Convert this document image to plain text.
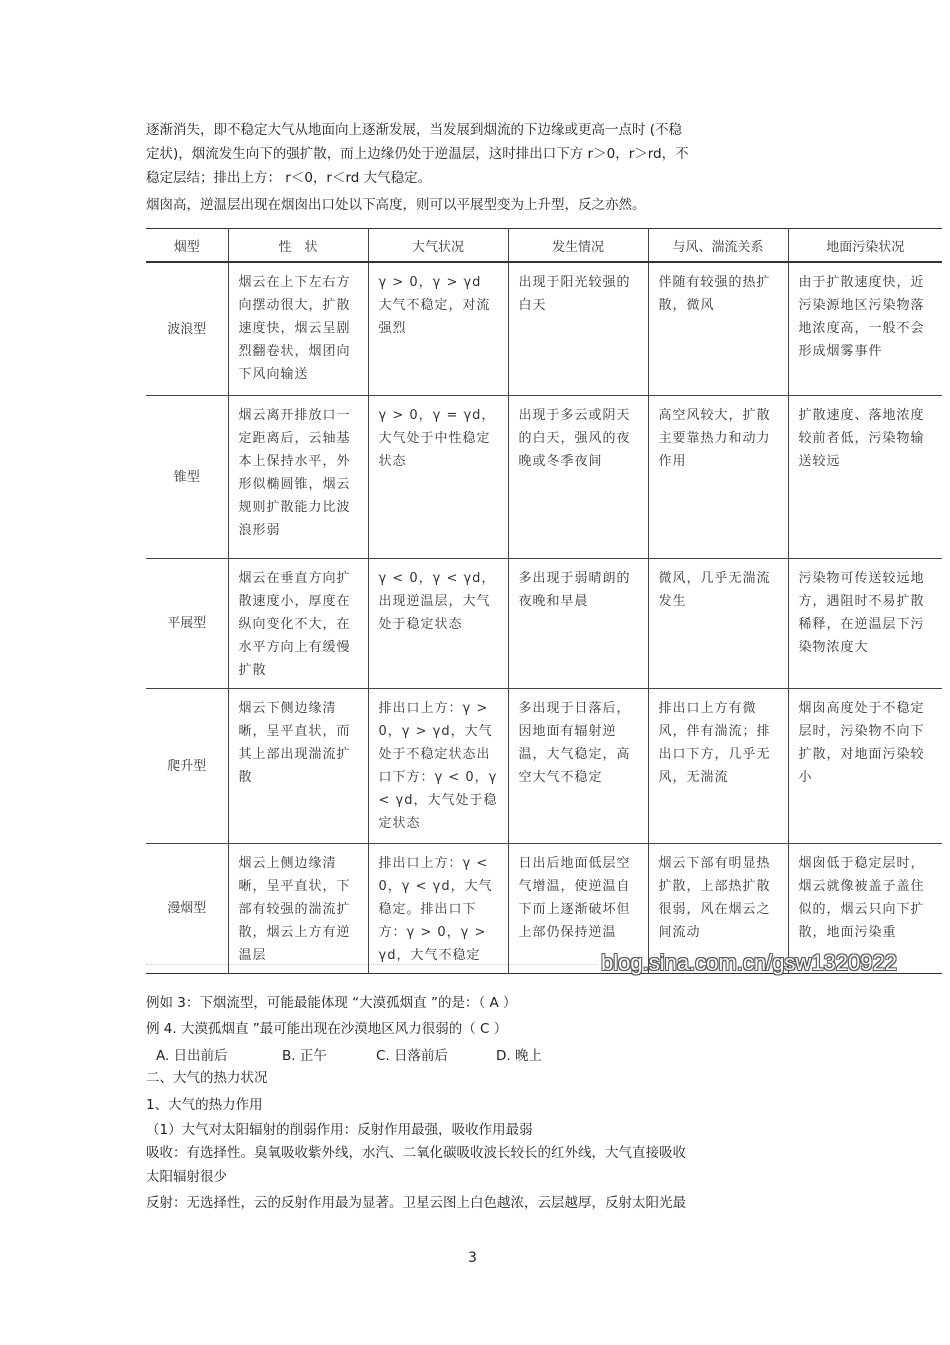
逐渐消失，即不稳定大气从地面向上逐渐发展，当发展到烟流的下边缘或更高一点时 (不稳
定状)，烟流发生向下的强扩散，而上边缘仍处于逆温层，这时排出口下方 r＞0，r＞rd，不
稳定层结；排出上方： r＜0，r＜rd 大气稳定。
烟囱高，逆温层出现在烟囱出口处以下高度，则可以平展型变为上升型，反之亦然。
烟型	性　状	大气状况	发生情况	与风、湍流关系	地面污染状况
波浪型	烟云在上下左右方向摆动很大，扩散速度快，烟云呈剧烈翻卷状，烟团向下风向输送	γ > 0，γ > γd 大气不稳定，对流强烈	出现于阳光较强的白天	伴随有较强的热扩散，微风	由于扩散速度快，近污染源地区污染物落地浓度高，一般不会形成烟雾事件
锥型	烟云离开排放口一定距离后，云轴基本上保持水平，外形似椭圆锥，烟云规则扩散能力比波浪形弱	γ > 0，γ = γd，大气处于中性稳定状态	出现于多云或阴天的白天，强风的夜晚或冬季夜间	高空风较大，扩散主要靠热力和动力作用	扩散速度、落地浓度较前者低，污染物输送较远
平展型	烟云在垂直方向扩散速度小，厚度在纵向变化不大，在水平方向上有缓慢扩散	γ < 0，γ < γd，出现逆温层，大气处于稳定状态	多出现于弱晴朗的夜晚和早晨	微风，几乎无湍流发生	污染物可传送较远地方，遇阻时不易扩散稀释，在逆温层下污染物浓度大
爬升型	烟云下侧边缘清晰，呈平直状，而其上部出现湍流扩散	排出口上方：γ > 0，γ > γd，大气处于不稳定状态出口下方：γ < 0，γ < γd，大气处于稳定状态	多出现于日落后，因地面有辐射逆温，大气稳定，高空大气不稳定	排出口上方有微风，伴有湍流；排出口下方，几乎无风，无湍流	烟囱高度处于不稳定层时，污染物不向下扩散，对地面污染较小
漫烟型	烟云上侧边缘清晰，呈平直状，下部有较强的湍流扩散，烟云上方有逆温层	排出口上方：γ < 0，γ < γd，大气稳定。排出口下方：γ > 0，γ > γd，大气不稳定	日出后地面低层空气增温，使逆温自下而上逐渐破坏但上部仍保持逆温	烟云下部有明显热扩散，上部热扩散很弱，风在烟云之间流动	烟囱低于稳定层时，烟云就像被盖子盖住似的，烟云只向下扩散，地面污染重
blog.sina.com.cn/gsw1320922
例如 3：下烟流型，可能最能体现 “大漠孤烟直 ”的是：（ A ）
例 4. 大漠孤烟直 ”最可能出现在沙漠地区风力很弱的（ C ）
A. 日出前后	B. 正午	C. 日落前后	D. 晚上
二、大气的热力状况
1、大气的热力作用
（1）大气对太阳辐射的削弱作用：反射作用最强，吸收作用最弱
吸收：有选择性。臭氧吸收紫外线，水汽、二氧化碳吸收波长较长的红外线，大气直接吸收
太阳辐射很少
反射：无选择性，云的反射作用最为显著。卫星云图上白色越浓，云层越厚，反射太阳光最
3
